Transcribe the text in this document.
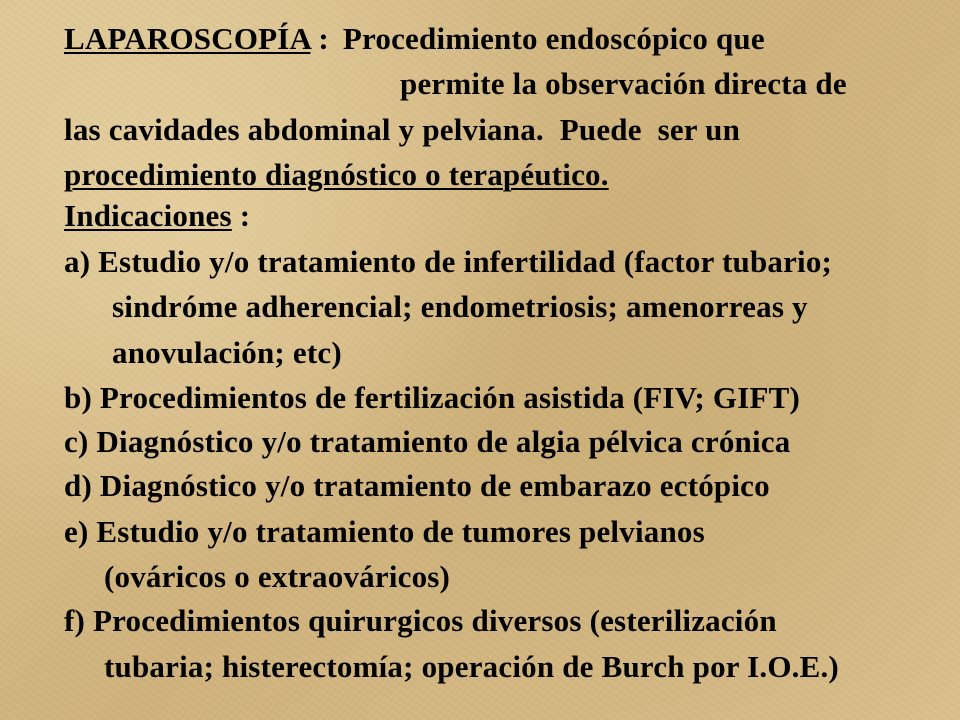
LAPAROSCOPÍA : Procedimiento endoscópico que
permite la observación directa de
las cavidades abdominal y pelviana.  Puede  ser un
procedimiento diagnóstico o terapéutico.
Indicaciones :
a) Estudio y/o tratamiento de infertilidad (factor tubario;
sindróme adherencial; endometriosis; amenorreas y
anovulación; etc)
b) Procedimientos de fertilización asistida (FIV; GIFT)
c) Diagnóstico y/o tratamiento de algia pélvica crónica
d) Diagnóstico y/o tratamiento de embarazo ectópico
e) Estudio y/o tratamiento de tumores pelvianos
(ováricos o extraováricos)
f) Procedimientos quirurgicos diversos (esterilización
tubaria; histerectomía; operación de Burch por I.O.E.)
